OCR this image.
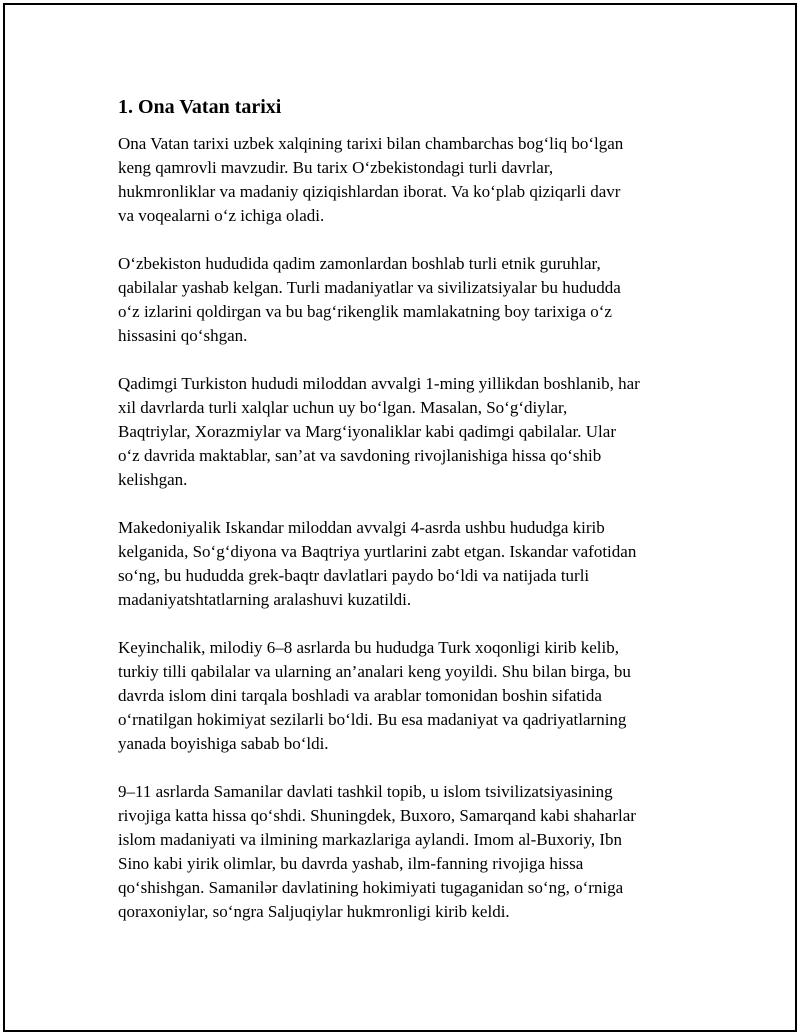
1. Ona Vatan tarixi

Ona Vatan tarixi uzbek xalqining tarixi bilan chambarchas bog‘liq bo‘lgan
keng qamrovli mavzudir. Bu tarix O‘zbekistondagi turli davrlar,
hukmronliklar va madaniy qiziqishlardan iborat. Va ko‘plab qiziqarli davr
va voqealarni o‘z ichiga oladi.

O‘zbekiston hududida qadim zamonlardan boshlab turli etnik guruhlar,
qabilalar yashab kelgan. Turli madaniyatlar va sivilizatsiyalar bu hududda
o‘z izlarini qoldirgan va bu bag‘rikenglik mamlakatning boy tarixiga o‘z
hissasini qo‘shgan.

Qadimgi Turkiston hududi miloddan avvalgi 1-ming yillikdan boshlanib, har
xil davrlarda turli xalqlar uchun uy bo‘lgan. Masalan, So‘g‘diylar,
Baqtriylar, Xorazmiylar va Marg‘iyonaliklar kabi qadimgi qabilalar. Ular
o‘z davrida maktablar, san’at va savdoning rivojlanishiga hissa qo‘shib
kelishgan.

Makedoniyalik Iskandar miloddan avvalgi 4-asrda ushbu hududga kirib
kelganida, So‘g‘diyona va Baqtriya yurtlarini zabt etgan. Iskandar vafotidan
so‘ng, bu hududda grek-baqtr davlatlari paydo bo‘ldi va natijada turli
madaniyatshtatlarning aralashuvi kuzatildi.

Keyinchalik, milodiy 6–8 asrlarda bu hududga Turk xoqonligi kirib kelib,
turkiy tilli qabilalar va ularning an’analari keng yoyildi. Shu bilan birga, bu
davrda islom dini tarqala boshladi va arablar tomonidan boshin sifatida
o‘rnatilgan hokimiyat sezilarli bo‘ldi. Bu esa madaniyat va qadriyatlarning
yanada boyishiga sabab bo‘ldi.

9–11 asrlarda Samanilar davlati tashkil topib, u islom tsivilizatsiyasining
rivojiga katta hissa qo‘shdi. Shuningdek, Buxoro, Samarqand kabi shaharlar
islom madaniyati va ilmining markazlariga aylandi. Imom al-Buxoriy, Ibn
Sino kabi yirik olimlar, bu davrda yashab, ilm-fanning rivojiga hissa
qo‘shishgan. Samanilər davlatining hokimiyati tugaganidan so‘ng, o‘rniga
qoraxoniylar, so‘ngra Saljuqiylar hukmronligi kirib keldi.
